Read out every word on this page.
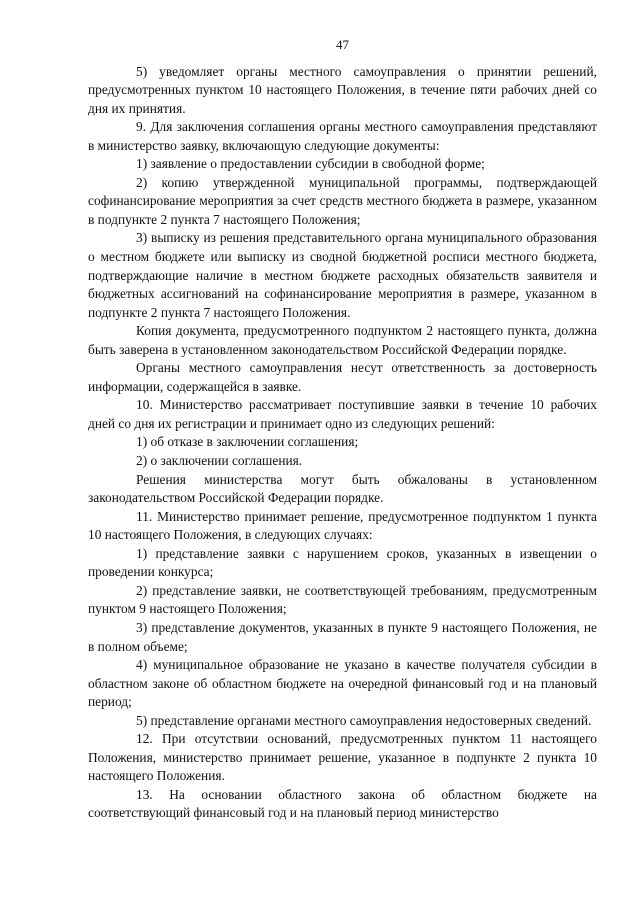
47

5) уведомляет органы местного самоуправления о принятии решений, предусмотренных пунктом 10 настоящего Положения, в течение пяти рабочих дней со дня их принятия.

9. Для заключения соглашения органы местного самоуправления представляют в министерство заявку, включающую следующие документы:

1) заявление о предоставлении субсидии в свободной форме;

2) копию утвержденной муниципальной программы, подтверждающей софинансирование мероприятия за счет средств местного бюджета в размере, указанном в подпункте 2 пункта 7 настоящего Положения;

3) выписку из решения представительного органа муниципального образования о местном бюджете или выписку из сводной бюджетной росписи местного бюджета, подтверждающие наличие в местном бюджете расходных обязательств заявителя и бюджетных ассигнований на софинансирование мероприятия в размере, указанном в подпункте 2 пункта 7 настоящего Положения.

Копия документа, предусмотренного подпунктом 2 настоящего пункта, должна быть заверена в установленном законодательством Российской Федерации порядке.

Органы местного самоуправления несут ответственность за достоверность информации, содержащейся в заявке.

10. Министерство рассматривает поступившие заявки в течение 10 рабочих дней со дня их регистрации и принимает одно из следующих решений:

1) об отказе в заключении соглашения;

2) о заключении соглашения.

Решения министерства могут быть обжалованы в установленном законодательством Российской Федерации порядке.

11. Министерство принимает решение, предусмотренное подпунктом 1 пункта 10 настоящего Положения, в следующих случаях:

1) представление заявки с нарушением сроков, указанных в извещении о проведении конкурса;

2) представление заявки, не соответствующей требованиям, предусмотренным пунктом 9 настоящего Положения;

3) представление документов, указанных в пункте 9 настоящего Положения, не в полном объеме;

4) муниципальное образование не указано в качестве получателя субсидии в областном законе об областном бюджете на очередной финансовый год и на плановый период;

5) представление органами местного самоуправления недостоверных сведений.

12. При отсутствии оснований, предусмотренных пунктом 11 настоящего Положения, министерство принимает решение, указанное в подпункте 2 пункта 10 настоящего Положения.

13. На основании областного закона об областном бюджете на соответствующий финансовый год и на плановый период министерство
